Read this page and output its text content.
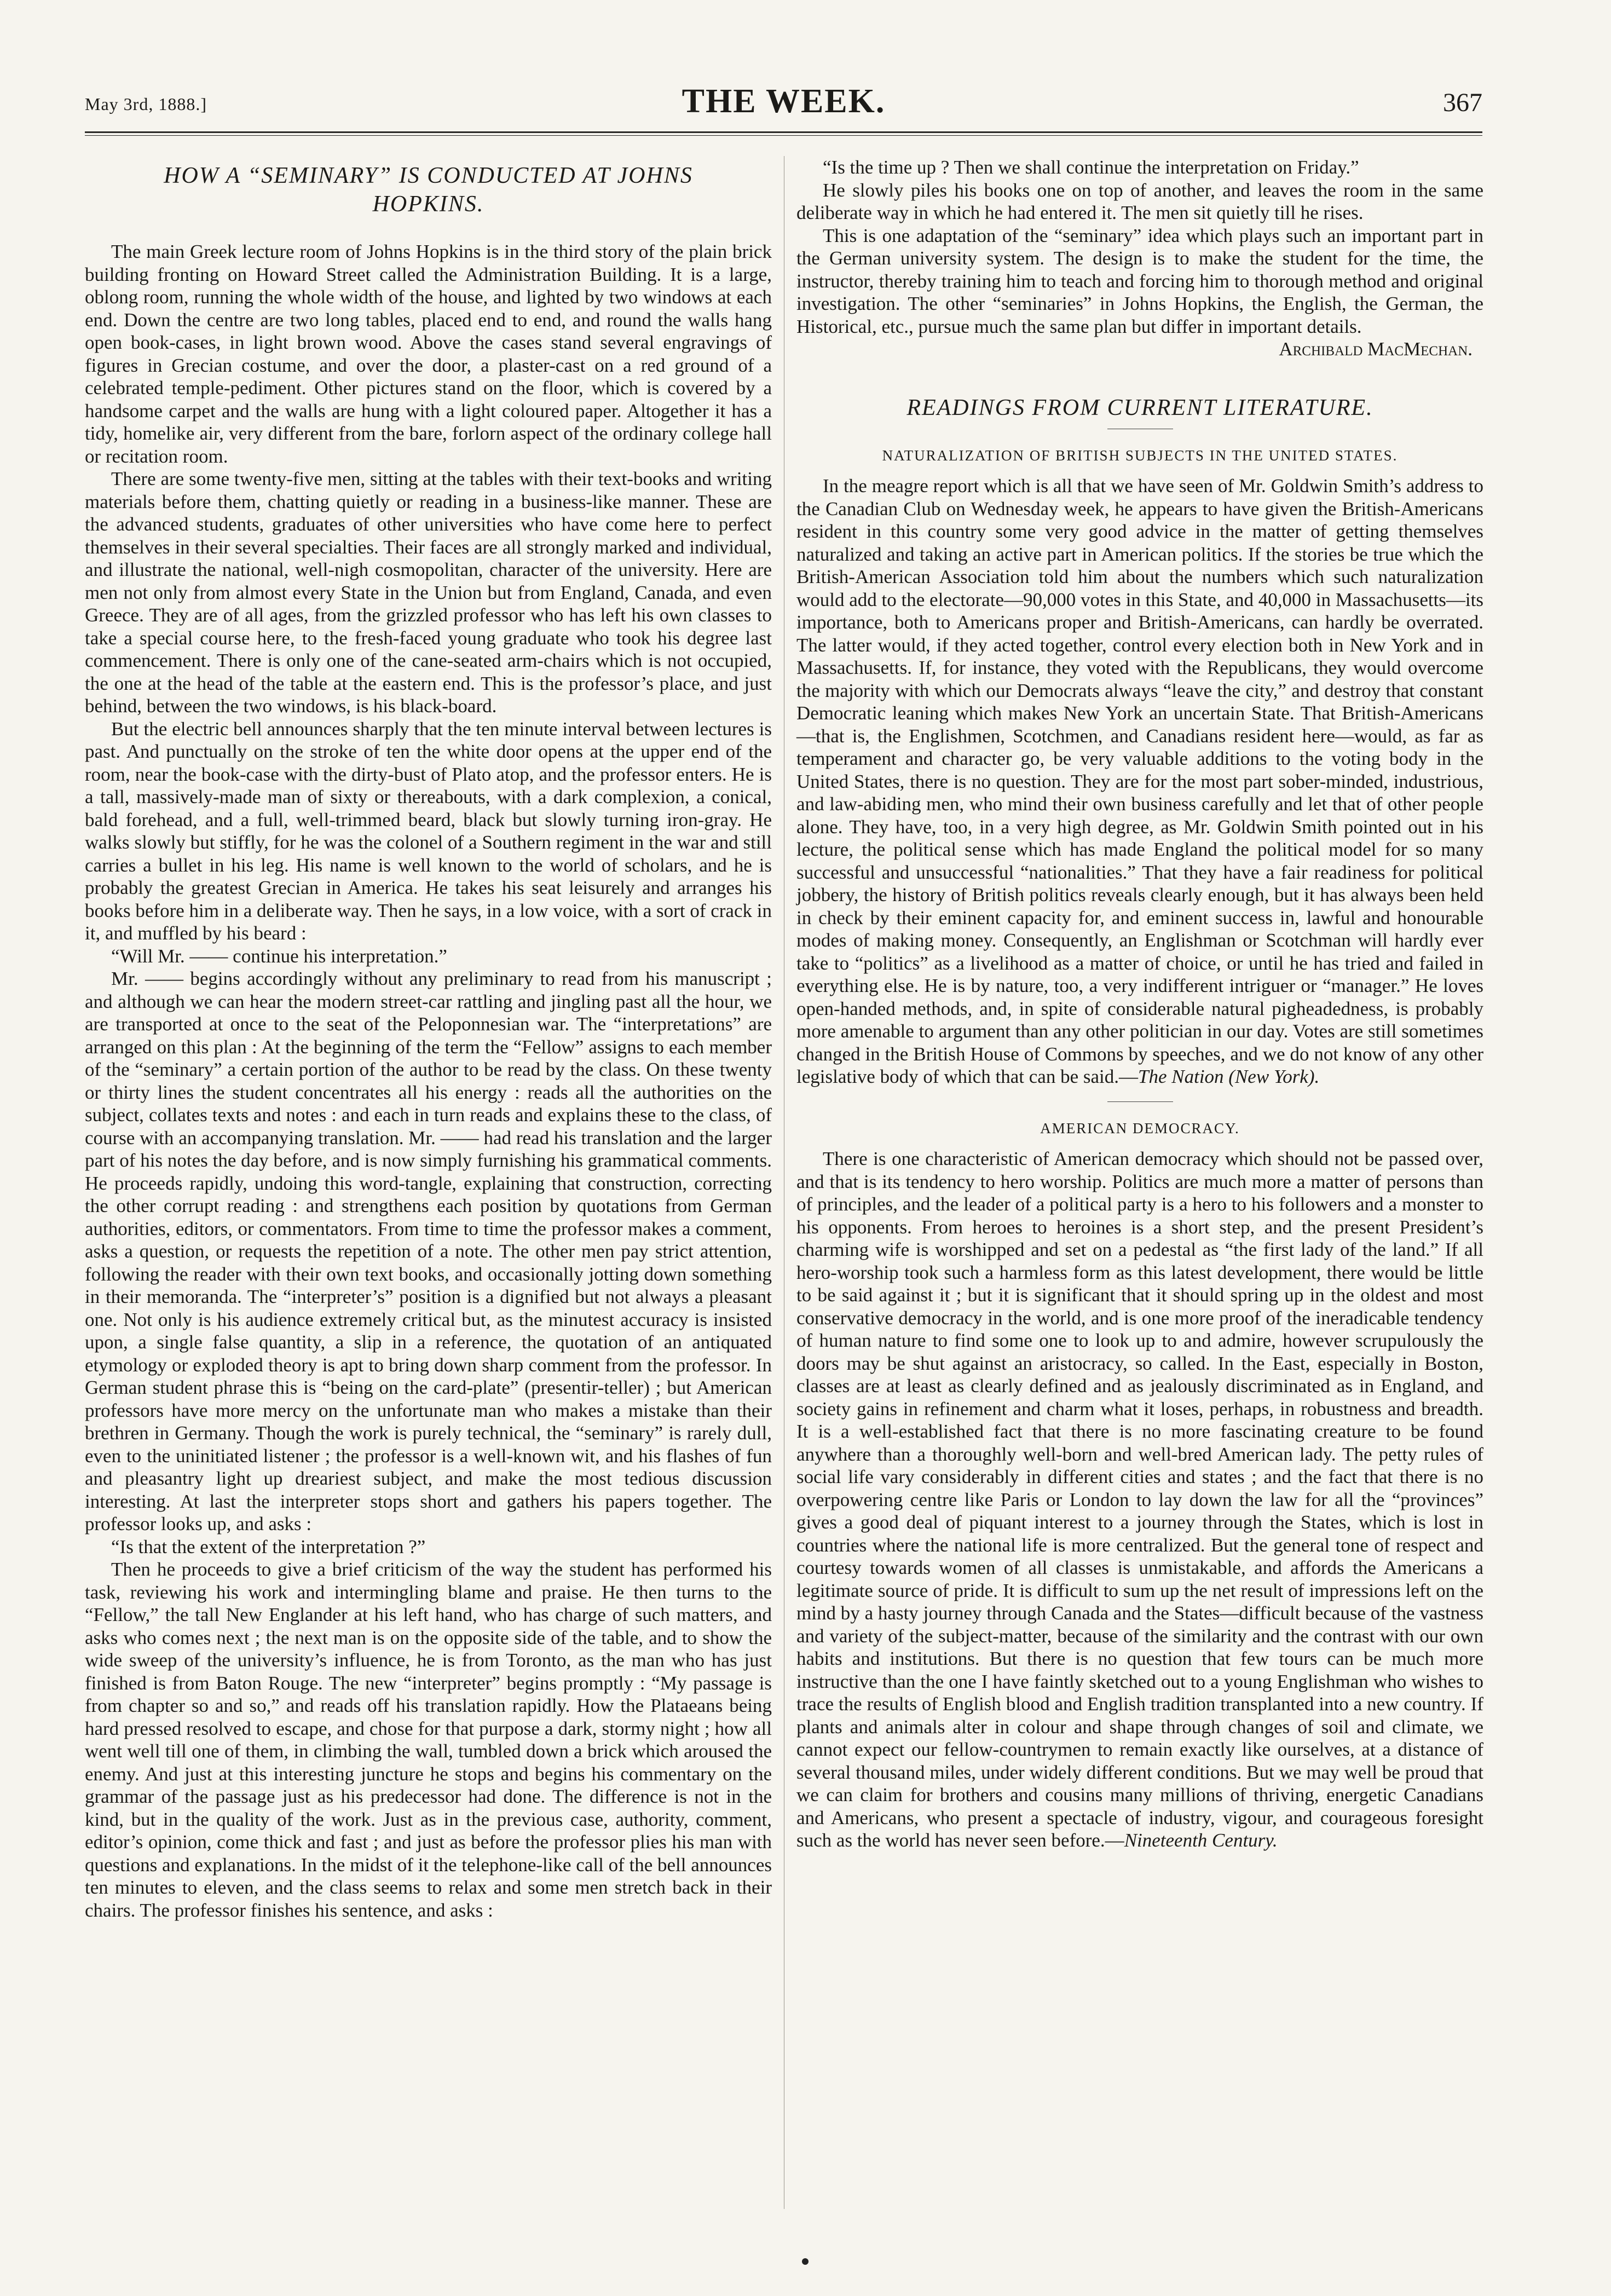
May 3rd, 1888.]	THE WEEK.	367
HOW A “SEMINARY” IS CONDUCTED AT JOHNS HOPKINS.

The main Greek lecture room of Johns Hopkins is in the third story of the plain brick building fronting on Howard Street called the Administration Building. It is a large, oblong room, running the whole width of the house, and lighted by two windows at each end. Down the centre are two long tables, placed end to end, and round the walls hang open book-cases, in light brown wood. Above the cases stand several engravings of figures in Grecian costume, and over the door, a plaster-cast on a red ground of a celebrated temple-pediment. Other pictures stand on the floor, which is covered by a handsome carpet and the walls are hung with a light coloured paper. Altogether it has a tidy, homelike air, very different from the bare, forlorn aspect of the ordinary college hall or recitation room.

There are some twenty-five men, sitting at the tables with their text-books and writing materials before them, chatting quietly or reading in a business-like manner. These are the advanced students, graduates of other universities who have come here to perfect themselves in their several specialties. Their faces are all strongly marked and individual, and illustrate the national, well-nigh cosmopolitan, character of the university. Here are men not only from almost every State in the Union but from England, Canada, and even Greece. They are of all ages, from the grizzled professor who has left his own classes to take a special course here, to the fresh-faced young graduate who took his degree last commencement. There is only one of the cane-seated arm-chairs which is not occupied, the one at the head of the table at the eastern end. This is the professor’s place, and just behind, between the two windows, is his black-board.

But the electric bell announces sharply that the ten minute interval between lectures is past. And punctually on the stroke of ten the white door opens at the upper end of the room, near the book-case with the dirty-bust of Plato atop, and the professor enters. He is a tall, massively-made man of sixty or thereabouts, with a dark complexion, a conical, bald forehead, and a full, well-trimmed beard, black but slowly turning iron-gray. He walks slowly but stiffly, for he was the colonel of a Southern regiment in the war and still carries a bullet in his leg. His name is well known to the world of scholars, and he is probably the greatest Grecian in America. He takes his seat leisurely and arranges his books before him in a deliberate way. Then he says, in a low voice, with a sort of crack in it, and muffled by his beard :

“Will Mr. —— continue his interpretation.”

Mr. —— begins accordingly without any preliminary to read from his manuscript ; and although we can hear the modern street-car rattling and jingling past all the hour, we are transported at once to the seat of the Peloponnesian war. The “interpretations” are arranged on this plan : At the beginning of the term the “Fellow” assigns to each member of the “seminary” a certain portion of the author to be read by the class. On these twenty or thirty lines the student concentrates all his energy : reads all the authorities on the subject, collates texts and notes : and each in turn reads and explains these to the class, of course with an accompanying translation. Mr. —— had read his translation and the larger part of his notes the day before, and is now simply furnishing his grammatical comments. He proceeds rapidly, undoing this word-tangle, explaining that construction, correcting the other corrupt reading : and strengthens each position by quotations from German authorities, editors, or commentators. From time to time the professor makes a comment, asks a question, or requests the repetition of a note. The other men pay strict attention, following the reader with their own text books, and occasionally jotting down something in their memoranda. The “interpreter’s” position is a dignified but not always a pleasant one. Not only is his audience extremely critical but, as the minutest accuracy is insisted upon, a single false quantity, a slip in a reference, the quotation of an antiquated etymology or exploded theory is apt to bring down sharp comment from the professor. In German student phrase this is “being on the card-plate” (presentir-teller) ; but American professors have more mercy on the unfortunate man who makes a mistake than their brethren in Germany. Though the work is purely technical, the “seminary” is rarely dull, even to the uninitiated listener ; the professor is a well-known wit, and his flashes of fun and pleasantry light up dreariest subject, and make the most tedious discussion interesting. At last the interpreter stops short and gathers his papers together. The professor looks up, and asks :

“Is that the extent of the interpretation ?”

Then he proceeds to give a brief criticism of the way the student has performed his task, reviewing his work and intermingling blame and praise. He then turns to the “Fellow,” the tall New Englander at his left hand, who has charge of such matters, and asks who comes next ; the next man is on the opposite side of the table, and to show the wide sweep of the university’s influence, he is from Toronto, as the man who has just finished is from Baton Rouge. The new “interpreter” begins promptly : “My passage is from chapter so and so,” and reads off his translation rapidly. How the Plataeans being hard pressed resolved to escape, and chose for that purpose a dark, stormy night ; how all went well till one of them, in climbing the wall, tumbled down a brick which aroused the enemy. And just at this interesting juncture he stops and begins his commentary on the grammar of the passage just as his predecessor had done. The difference is not in the kind, but in the quality of the work. Just as in the previous case, authority, comment, editor’s opinion, come thick and fast ; and just as before the professor plies his man with questions and explanations. In the midst of it the telephone-like call of the bell announces ten minutes to eleven, and the class seems to relax and some men stretch back in their chairs. The professor finishes his sentence, and asks :

“Is the time up ? Then we shall continue the interpretation on Friday.”

He slowly piles his books one on top of another, and leaves the room in the same deliberate way in which he had entered it. The men sit quietly till he rises.

This is one adaptation of the “seminary” idea which plays such an important part in the German university system. The design is to make the student for the time, the instructor, thereby training him to teach and forcing him to thorough method and original investigation. The other “seminaries” in Johns Hopkins, the English, the German, the Historical, etc., pursue much the same plan but differ in important details.

Archibald MacMechan.
READINGS FROM CURRENT LITERATURE.
NATURALIZATION OF BRITISH SUBJECTS IN THE UNITED STATES.

In the meagre report which is all that we have seen of Mr. Goldwin Smith’s address to the Canadian Club on Wednesday week, he appears to have given the British-Americans resident in this country some very good advice in the matter of getting themselves naturalized and taking an active part in American politics. If the stories be true which the British-American Association told him about the numbers which such naturalization would add to the electorate—90,000 votes in this State, and 40,000 in Massachusetts—its importance, both to Americans proper and British-Americans, can hardly be overrated. The latter would, if they acted together, control every election both in New York and in Massachusetts. If, for instance, they voted with the Republicans, they would overcome the majority with which our Democrats always “leave the city,” and destroy that constant Democratic leaning which makes New York an uncertain State. That British-Americans—that is, the Englishmen, Scotchmen, and Canadians resident here—would, as far as temperament and character go, be very valuable additions to the voting body in the United States, there is no question. They are for the most part sober-minded, industrious, and law-abiding men, who mind their own business carefully and let that of other people alone. They have, too, in a very high degree, as Mr. Goldwin Smith pointed out in his lecture, the political sense which has made England the political model for so many successful and unsuccessful “nationalities.” That they have a fair readiness for political jobbery, the history of British politics reveals clearly enough, but it has always been held in check by their eminent capacity for, and eminent success in, lawful and honourable modes of making money. Consequently, an Englishman or Scotchman will hardly ever take to “politics” as a livelihood as a matter of choice, or until he has tried and failed in everything else. He is by nature, too, a very indifferent intriguer or “manager.” He loves open-handed methods, and, in spite of considerable natural pigheadedness, is probably more amenable to argument than any other politician in our day. Votes are still sometimes changed in the British House of Commons by speeches, and we do not know of any other legislative body of which that can be said.—The Nation (New York).

AMERICAN DEMOCRACY.

There is one characteristic of American democracy which should not be passed over, and that is its tendency to hero worship. Politics are much more a matter of persons than of principles, and the leader of a political party is a hero to his followers and a monster to his opponents. From heroes to heroines is a short step, and the present President’s charming wife is worshipped and set on a pedestal as “the first lady of the land.” If all hero-worship took such a harmless form as this latest development, there would be little to be said against it ; but it is significant that it should spring up in the oldest and most conservative democracy in the world, and is one more proof of the ineradicable tendency of human nature to find some one to look up to and admire, however scrupulously the doors may be shut against an aristocracy, so called. In the East, especially in Boston, classes are at least as clearly defined and as jealously discriminated as in England, and society gains in refinement and charm what it loses, perhaps, in robustness and breadth. It is a well-established fact that there is no more fascinating creature to be found anywhere than a thoroughly well-born and well-bred American lady. The petty rules of social life vary considerably in different cities and states ; and the fact that there is no overpowering centre like Paris or London to lay down the law for all the “provinces” gives a good deal of piquant interest to a journey through the States, which is lost in countries where the national life is more centralized. But the general tone of respect and courtesy towards women of all classes is unmistakable, and affords the Americans a legitimate source of pride. It is difficult to sum up the net result of impressions left on the mind by a hasty journey through Canada and the States—difficult because of the vastness and variety of the subject-matter, because of the similarity and the contrast with our own habits and institutions. But there is no question that few tours can be much more instructive than the one I have faintly sketched out to a young Englishman who wishes to trace the results of English blood and English tradition transplanted into a new country. If plants and animals alter in colour and shape through changes of soil and climate, we cannot expect our fellow-countrymen to remain exactly like ourselves, at a distance of several thousand miles, under widely different conditions. But we may well be proud that we can claim for brothers and cousins many millions of thriving, energetic Canadians and Americans, who present a spectacle of industry, vigour, and courageous foresight such as the world has never seen before.—Nineteenth Century.
